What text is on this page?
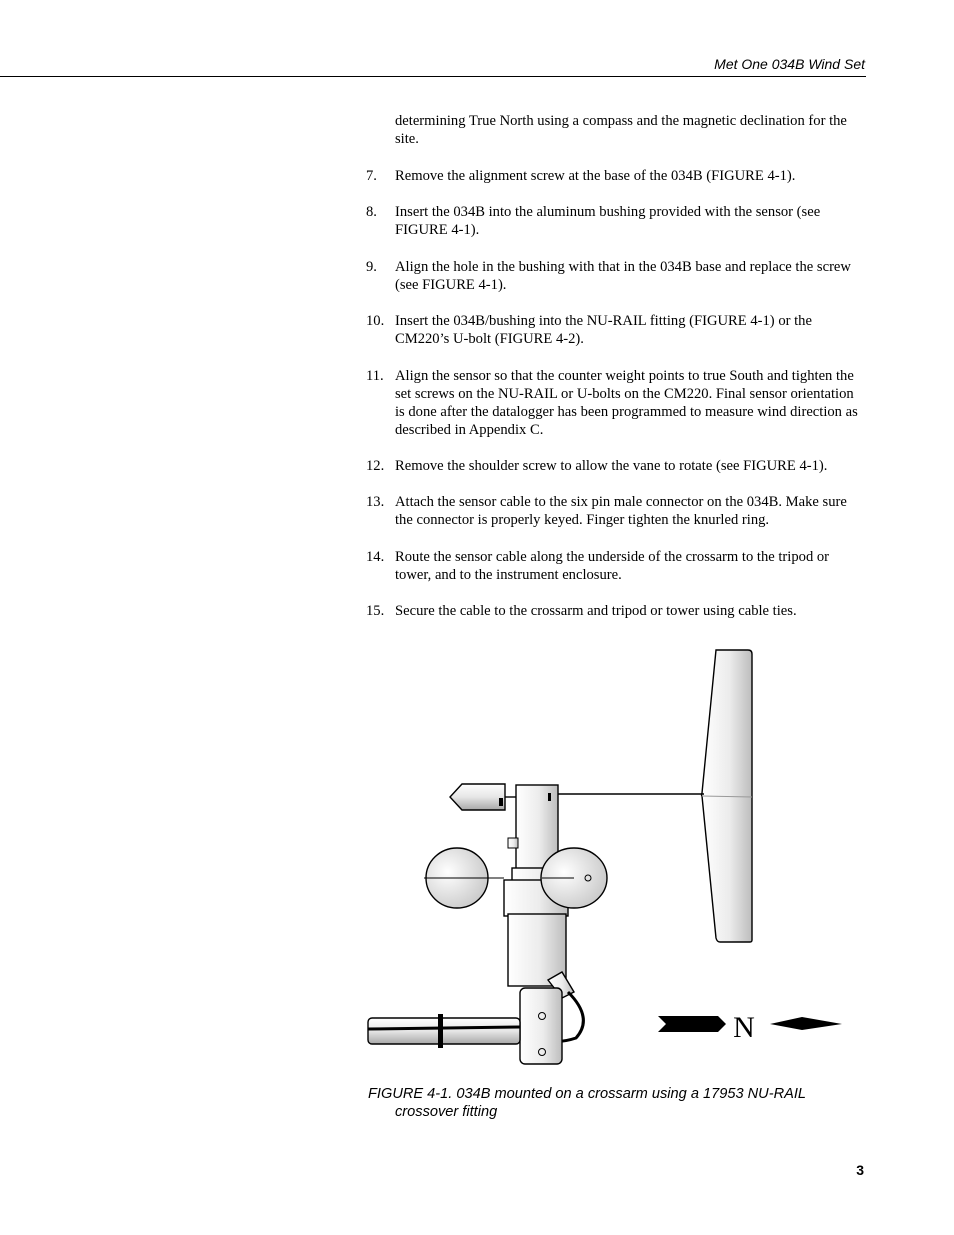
Met One 034B Wind Set
determining True North using a compass and the magnetic declination for the site.
7.	Remove the alignment screw at the base of the 034B (FIGURE 4-1).
8.	Insert the 034B into the aluminum bushing provided with the sensor (see FIGURE 4-1).
9.	Align the hole in the bushing with that in the 034B base and replace the screw (see FIGURE 4-1).
10. Insert the 034B/bushing into the NU-RAIL fitting (FIGURE 4-1) or the CM220’s U-bolt (FIGURE 4-2).
11. Align the sensor so that the counter weight points to true South and tighten the set screws on the NU-RAIL or U-bolts on the CM220. Final sensor orientation is done after the datalogger has been programmed to measure wind direction as described in Appendix C.
12. Remove the shoulder screw to allow the vane to rotate (see FIGURE 4-1).
13. Attach the sensor cable to the six pin male connector on the 034B. Make sure the connector is properly keyed. Finger tighten the knurled ring.
14. Route the sensor cable along the underside of the crossarm to the tripod or tower, and to the instrument enclosure.
15. Secure the cable to the crossarm and tripod or tower using cable ties.
N
FIGURE 4-1. 034B mounted on a crossarm using a 17953 NU-RAIL
crossover fitting
3
